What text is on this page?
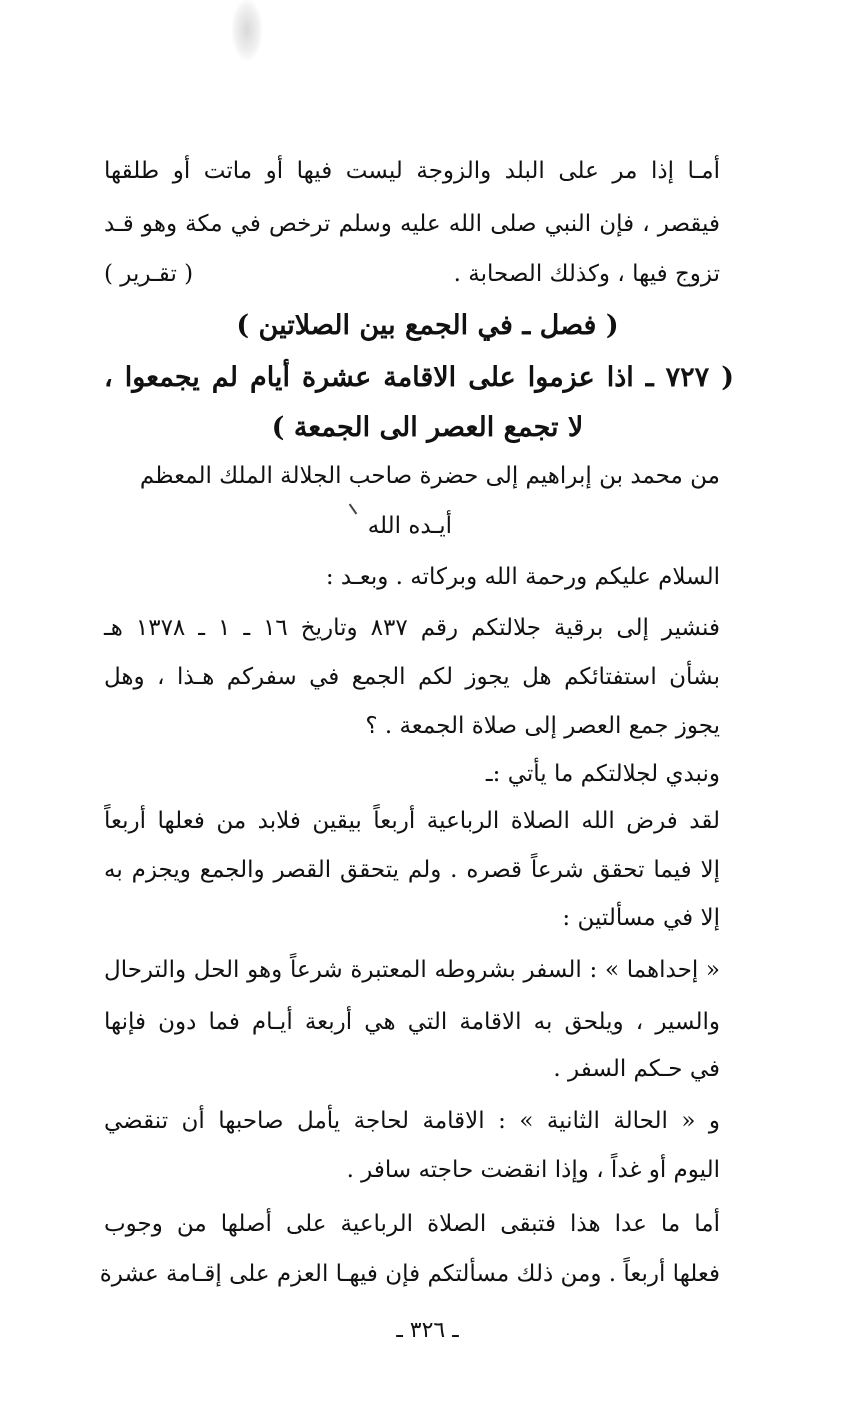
أمـا إذا مر على البلد والزوجة ليست فيها أو ماتت أو طلقها
فيقصر ، فإن النبي صلى الله عليه وسلم ترخص في مكة وهو قـد
تزوج فيها ، وكذلك الصحابة .
( تقـرير )
( فصل ـ في الجمع بين الصلاتين )
( ٧٢٧ ـ اذا عزموا على الاقامة عشرة أيام لم يجمعوا ،
لا تجمع العصر الى الجمعة )
من محمد بن إبراهيم إلى حضرة صاحب الجلالة الملك المعظم
أيـده الله
السلام عليكم ورحمة الله وبركاته . وبعـد :
فنشير إلى برقية جلالتكم رقم ٨٣٧ وتاريخ ١٦ ـ ١ ـ ١٣٧٨ هـ
بشأن استفتائكم هل يجوز لكم الجمع في سفركم هـذا ، وهل
يجوز جمع العصر إلى صلاة الجمعة . ؟
ونبدي لجلالتكم ما يأتي :ـ
لقد فرض الله الصلاة الرباعية أربعاً بيقين فلابد من فعلها أربعاً
إلا فيما تحقق شرعاً قصره . ولم يتحقق القصر والجمع ويجزم به
إلا في مسألتين :
« إحداهما » : السفر بشروطه المعتبرة شرعاً وهو الحل والترحال
والسير ، ويلحق به الاقامة التي هي أربعة أيـام فما دون فإنها
في حـكم السفر .
و « الحالة الثانية » : الاقامة لحاجة يأمل صاحبها أن تنقضي
اليوم أو غداً ، وإذا انقضت حاجته سافر .
أما ما عدا هذا فتبقى الصلاة الرباعية على أصلها من وجوب
فعلها أربعاً . ومن ذلك مسألتكم فإن فيهـا العزم على إقـامة عشرة
ـ ٣٢٦ ـ
